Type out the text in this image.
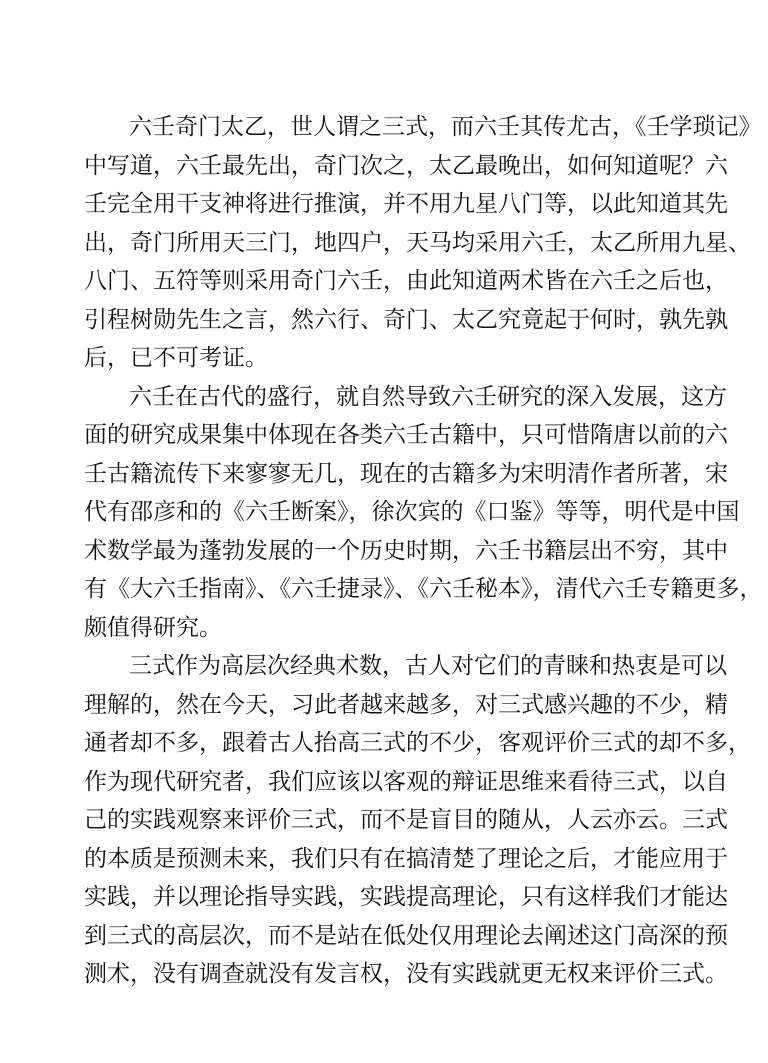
六壬奇门太乙，世人谓之三式，而六壬其传尤古，《壬学琐记》
中写道，六壬最先出，奇门次之，太乙最晚出，如何知道呢？六
壬完全用干支神将进行推演，并不用九星八门等，以此知道其先
出，奇门所用天三门，地四户，天马均采用六壬，太乙所用九星、
八门、五符等则采用奇门六壬，由此知道两术皆在六壬之后也，
引程树勋先生之言，然六行、奇门、太乙究竟起于何时，孰先孰
后，已不可考证。
六壬在古代的盛行，就自然导致六壬研究的深入发展，这方
面的研究成果集中体现在各类六壬古籍中，只可惜隋唐以前的六
壬古籍流传下来寥寥无几，现在的古籍多为宋明清作者所著，宋
代有邵彦和的《六壬断案》，徐次宾的《口鉴》等等，明代是中国
术数学最为蓬勃发展的一个历史时期，六壬书籍层出不穷，其中
有《大六壬指南》、《六壬捷录》、《六壬秘本》，清代六壬专籍更多，
颇值得研究。
三式作为高层次经典术数，古人对它们的青睐和热衷是可以
理解的，然在今天，习此者越来越多，对三式感兴趣的不少，精
通者却不多，跟着古人抬高三式的不少，客观评价三式的却不多，
作为现代研究者，我们应该以客观的辩证思维来看待三式，以自
己的实践观察来评价三式，而不是盲目的随从，人云亦云。三式
的本质是预测未来，我们只有在搞清楚了理论之后，才能应用于
实践，并以理论指导实践，实践提高理论，只有这样我们才能达
到三式的高层次，而不是站在低处仅用理论去阐述这门高深的预
测术，没有调查就没有发言权，没有实践就更无权来评价三式。
